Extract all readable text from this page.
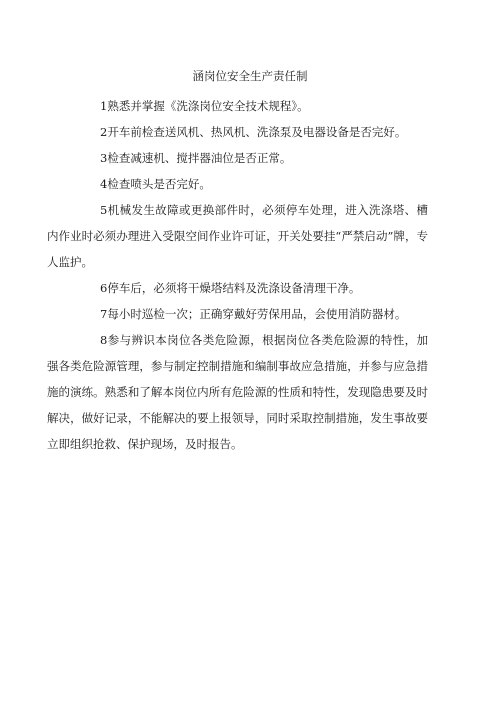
涵岗位安全生产责任制

1熟悉并掌握《洗涤岗位安全技术规程》。

2开车前检查送风机、热风机、洗涤泵及电器设备是否完好。

3检查减速机、搅拌器油位是否正常。

4检查喷头是否完好。

5机械发生故障或更换部件时，必须停车处理，进入洗涤塔、槽内作业时必须办理进入受限空间作业许可证，开关处要挂“严禁启动”牌，专人监护。

6停车后，必须将干燥塔结料及洗涤设备清理干净。

7每小时巡检一次；正确穿戴好劳保用品，会使用消防器材。

8参与辨识本岗位各类危险源，根据岗位各类危险源的特性，加强各类危险源管理，参与制定控制措施和编制事故应急措施，并参与应急措施的演练。熟悉和了解本岗位内所有危险源的性质和特性，发现隐患要及时解决，做好记录，不能解决的要上报领导，同时采取控制措施，发生事故要立即组织抢救、保护现场，及时报告。
